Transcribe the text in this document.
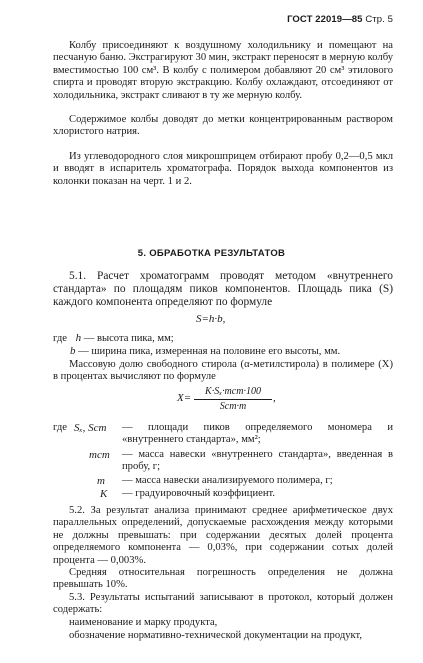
ГОСТ 22019—85 Стр. 5

Колбу присоединяют к воздушному холодильнику и помещают на песчаную баню. Экстрагируют 30 мин, экстракт переносят в мерную колбу вместимостью 100 см³. В колбу с полимером добавляют 20 см³ этилового спирта и проводят вторую экстракцию. Колбу охлаждают, отсоединяют от холодильника, экстракт сливают в ту же мерную колбу.

Содержимое колбы доводят до метки концентрированным раствором хлористого натрия.

Из углеводородного слоя микрошприцем отбирают пробу 0,2—0,5 мкл и вводят в испаритель хроматографа. Порядок выхода компонентов из колонки показан на черт. 1 и 2.

5. ОБРАБОТКА РЕЗУЛЬТАТОВ

5.1. Расчет хроматограмм проводят методом «внутреннего стандарта» по площадям пиков компонентов. Площадь пика (S) каждого компонента определяют по формуле

S=h·b,
где h — высота пика, мм;
b — ширина пика, измеренная на половине его высоты, мм.

Массовую долю свободного стирола (α-метилстирола) в полимере (X) в процентах вычисляют по формуле

X=
K·Sₓ·mст·100
Sст·m
,
где Sₓ, Sст — площади пиков определяемого мономера и «внутреннего стандарта», мм²;

mст — масса навески «внутреннего стандарта», введенная в пробу, г;

m — масса навески анализируемого полимера, г;

K — градуировочный коэффициент.

5.2. За результат анализа принимают среднее арифметическое двух параллельных определений, допускаемые расхождения между которыми не должны превышать: при содержании десятых долей процента определяемого компонента — 0,03%, при содержании сотых долей процента — 0,003%.

Средняя относительная погрешность определения не должна превышать 10%.

5.3. Результаты испытаний записывают в протокол, который должен содержать:

наименование и марку продукта,

обозначение нормативно-технической документации на продукт,
